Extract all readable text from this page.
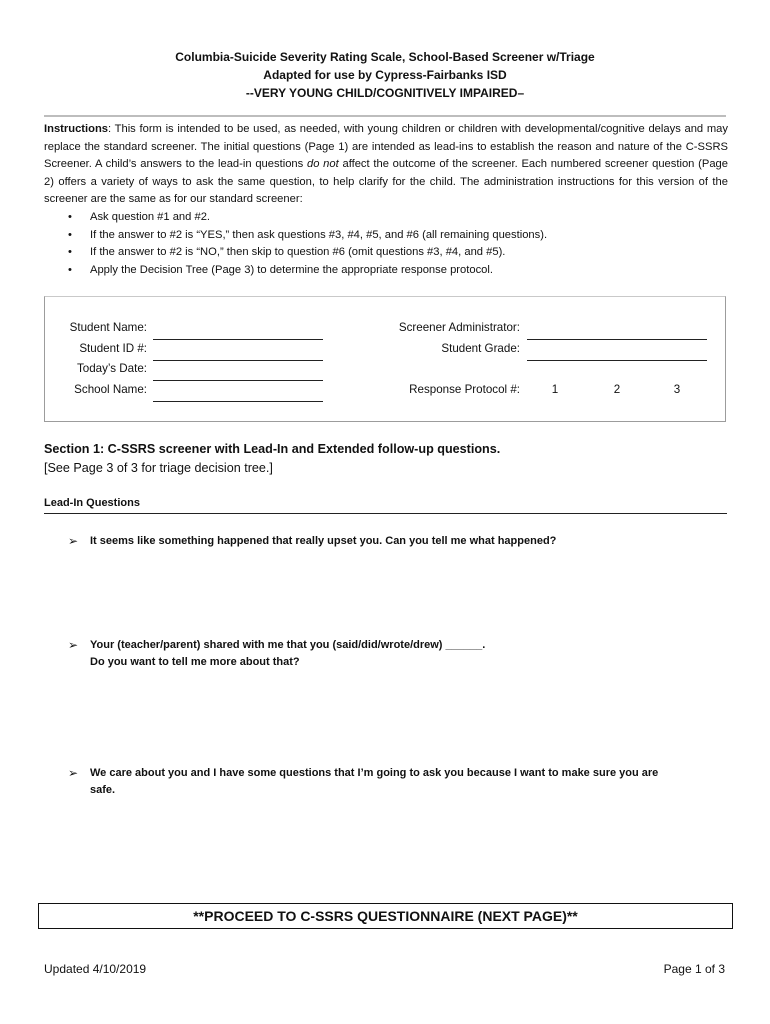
Columbia-Suicide Severity Rating Scale, School-Based Screener w/Triage
Adapted for use by Cypress-Fairbanks ISD
--VERY YOUNG CHILD/COGNITIVELY IMPAIRED–

Instructions: This form is intended to be used, as needed, with young children or children with developmental/cognitive delays and may replace the standard screener. The initial questions (Page 1) are intended as lead-ins to establish the reason and nature of the C-SSRS Screener. A child’s answers to the lead-in questions do not affect the outcome of the screener. Each numbered screener question (Page 2) offers a variety of ways to ask the same question, to help clarify for the child. The administration instructions for this version of the screener are the same as for our standard screener:

• Ask question #1 and #2.
• If the answer to #2 is “YES,” then ask questions #3, #4, #5, and #6 (all remaining questions).
• If the answer to #2 is “NO,” then skip to question #6 (omit questions #3, #4, and #5).
• Apply the Decision Tree (Page 3) to determine the appropriate response protocol.
Student Name:
Student ID #:
Today’s Date:
School Name:
Screener Administrator:
Student Grade:
Response Protocol #:	1	2	3
Section 1: C-SSRS screener with Lead-In and Extended follow-up questions.
[See Page 3 of 3 for triage decision tree.]
Lead-In Questions
➢ It seems like something happened that really upset you. Can you tell me what happened?
➢ Your (teacher/parent) shared with me that you (said/did/wrote/drew) ______.
Do you want to tell me more about that?
➢ We care about you and I have some questions that I’m going to ask you because I want to make sure you are
safe.
**PROCEED TO C-SSRS QUESTIONNAIRE (NEXT PAGE)**
Updated 4/10/2019	Page 1 of 3
